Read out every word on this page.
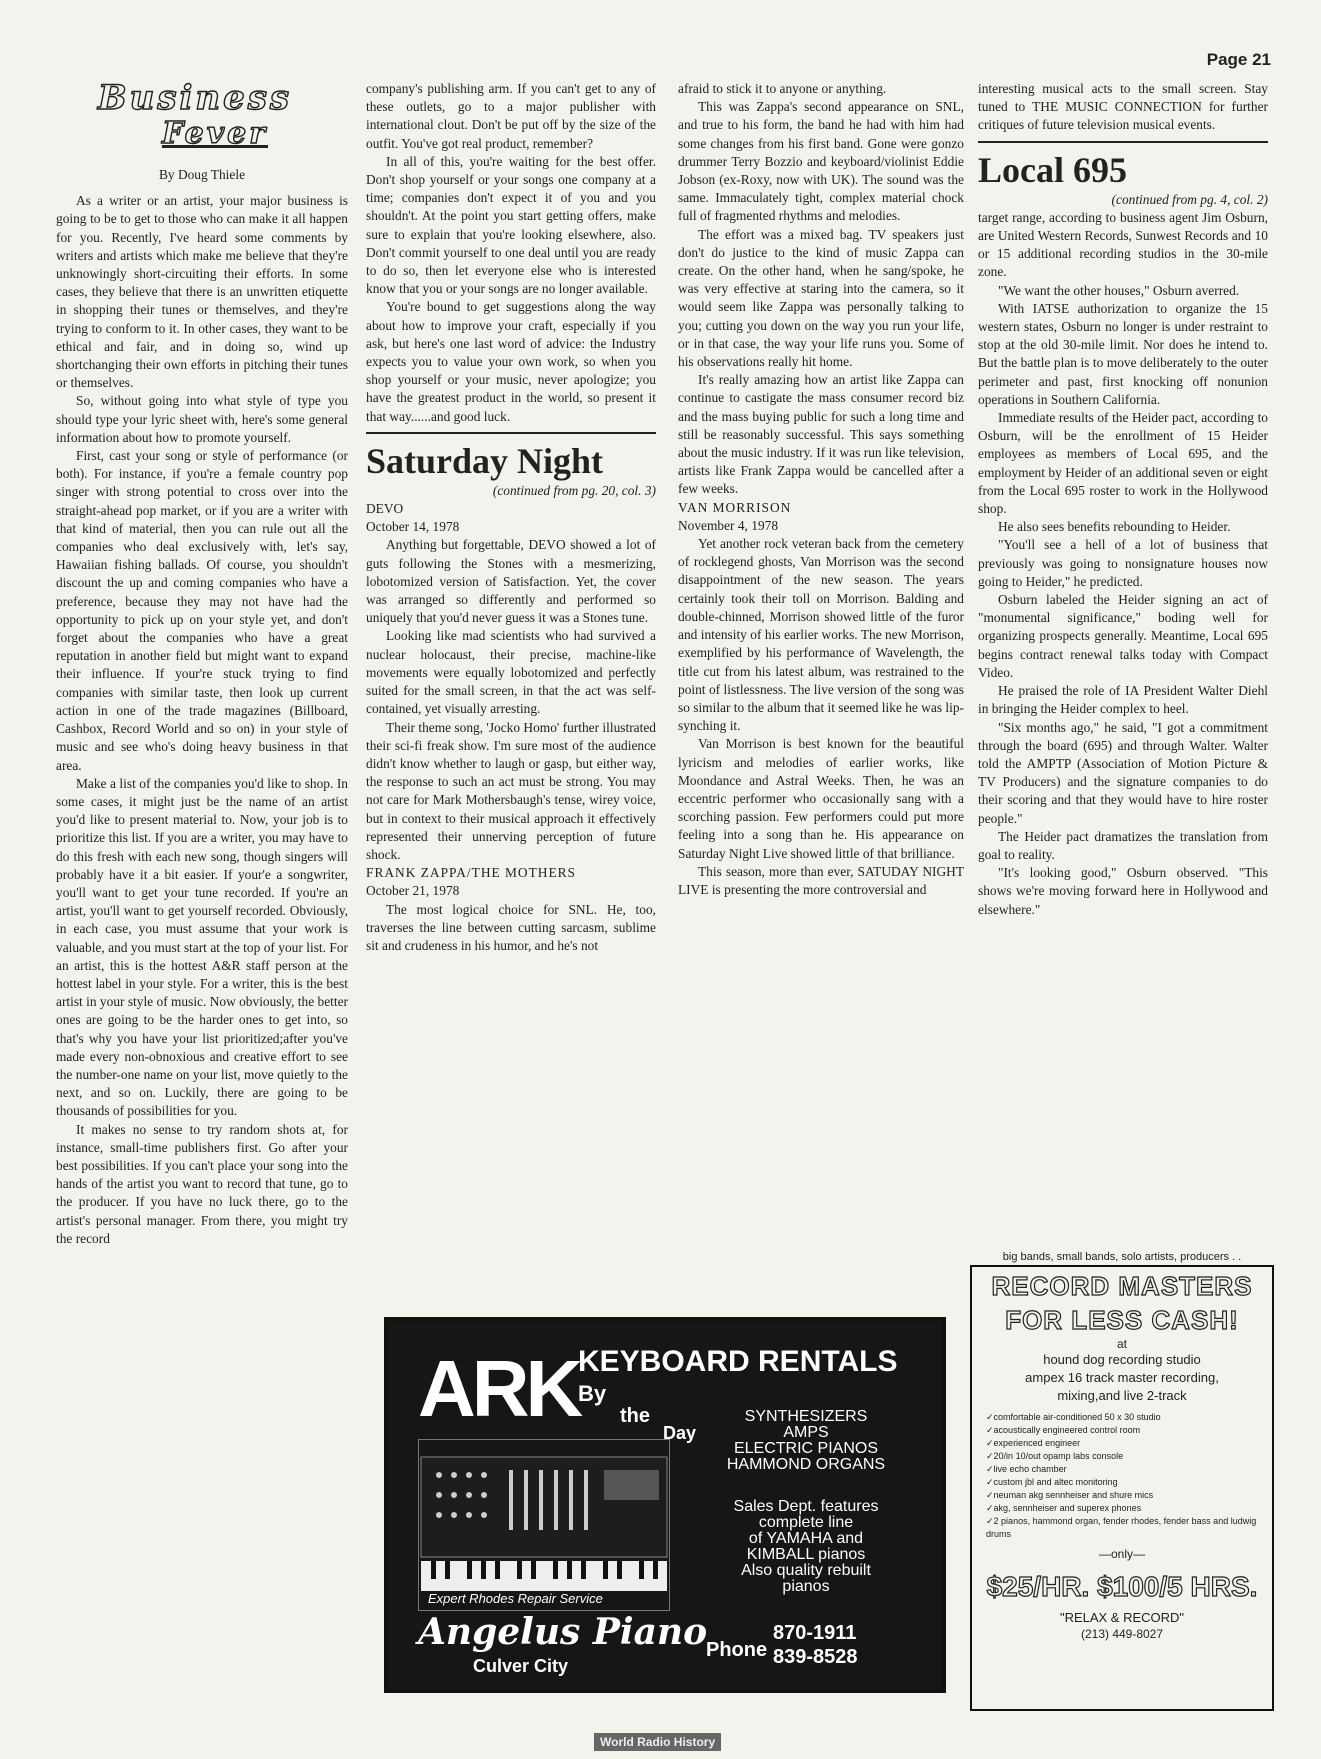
Page 21
Business
Fever
By Doug Thiele

As a writer or an artist, your major business is going to be to get to those who can make it all happen for you. Recently, I've heard some comments by writers and artists which make me believe that they're unknowingly short-circuiting their efforts. In some cases, they believe that there is an unwritten etiquette in shopping their tunes or themselves, and they're trying to conform to it. In other cases, they want to be ethical and fair, and in doing so, wind up shortchanging their own efforts in pitching their tunes or themselves.

So, without going into what style of type you should type your lyric sheet with, here's some general information about how to promote yourself.

First, cast your song or style of performance (or both). For instance, if you're a female country pop singer with strong potential to cross over into the straight-ahead pop market, or if you are a writer with that kind of material, then you can rule out all the companies who deal exclusively with, let's say, Hawaiian fishing ballads. Of course, you shouldn't discount the up and coming companies who have a preference, because they may not have had the opportunity to pick up on your style yet, and don't forget about the companies who have a great reputation in another field but might want to expand their influence. If your're stuck trying to find companies with similar taste, then look up current action in one of the trade magazines (Billboard, Cashbox, Record World and so on) in your style of music and see who's doing heavy business in that area.

Make a list of the companies you'd like to shop. In some cases, it might just be the name of an artist you'd like to present material to. Now, your job is to prioritize this list. If you are a writer, you may have to do this fresh with each new song, though singers will probably have it a bit easier. If your'e a songwriter, you'll want to get your tune recorded. If you're an artist, you'll want to get yourself recorded. Obviously, in each case, you must assume that your work is valuable, and you must start at the top of your list. For an artist, this is the hottest A&R staff person at the hottest label in your style. For a writer, this is the best artist in your style of music. Now obviously, the better ones are going to be the harder ones to get into, so that's why you have your list prioritized;after you've made every non-obnoxious and creative effort to see the number-one name on your list, move quietly to the next, and so on. Luckily, there are going to be thousands of possibilities for you.

It makes no sense to try random shots at, for instance, small-time publishers first. Go after your best possibilities. If you can't place your song into the hands of the artist you want to record that tune, go to the producer. If you have no luck there, go to the artist's personal manager. From there, you might try the record

company's publishing arm. If you can't get to any of these outlets, go to a major publisher with international clout. Don't be put off by the size of the outfit. You've got real product, remember?

In all of this, you're waiting for the best offer. Don't shop yourself or your songs one company at a time; companies don't expect it of you and you shouldn't. At the point you start getting offers, make sure to explain that you're looking elsewhere, also. Don't commit yourself to one deal until you are ready to do so, then let everyone else who is interested know that you or your songs are no longer available.

You're bound to get suggestions along the way about how to improve your craft, especially if you ask, but here's one last word of advice: the Industry expects you to value your own work, so when you shop yourself or your music, never apologize; you have the greatest product in the world, so present it that way......and good luck.

Saturday Night

(continued from pg. 20, col. 3)

DEVO

October 14, 1978

Anything but forgettable, DEVO showed a lot of guts following the Stones with a mesmerizing, lobotomized version of Satisfaction. Yet, the cover was arranged so differently and performed so uniquely that you'd never guess it was a Stones tune.

Looking like mad scientists who had survived a nuclear holocaust, their precise, machine-like movements were equally lobotomized and perfectly suited for the small screen, in that the act was self-contained, yet visually arresting.

Their theme song, 'Jocko Homo' further illustrated their sci-fi freak show. I'm sure most of the audience didn't know whether to laugh or gasp, but either way, the response to such an act must be strong. You may not care for Mark Mothersbaugh's tense, wirey voice, but in context to their musical approach it effectively represented their unnerving perception of future shock.

FRANK ZAPPA/THE MOTHERS

October 21, 1978

The most logical choice for SNL. He, too, traverses the line between cutting sarcasm, sublime sit and crudeness in his humor, and he's not

afraid to stick it to anyone or anything.

This was Zappa's second appearance on SNL, and true to his form, the band he had with him had some changes from his first band. Gone were gonzo drummer Terry Bozzio and keyboard/violinist Eddie Jobson (ex-Roxy, now with UK). The sound was the same. Immaculately tight, complex material chock full of fragmented rhythms and melodies.

The effort was a mixed bag. TV speakers just don't do justice to the kind of music Zappa can create. On the other hand, when he sang/spoke, he was very effective at staring into the camera, so it would seem like Zappa was personally talking to you; cutting you down on the way you run your life, or in that case, the way your life runs you. Some of his observations really hit home.

It's really amazing how an artist like Zappa can continue to castigate the mass consumer record biz and the mass buying public for such a long time and still be reasonably successful. This says something about the music industry. If it was run like television, artists like Frank Zappa would be cancelled after a few weeks.

VAN MORRISON

November 4, 1978

Yet another rock veteran back from the cemetery of rocklegend ghosts, Van Morrison was the second disappointment of the new season. The years certainly took their toll on Morrison. Balding and double-chinned, Morrison showed little of the furor and intensity of his earlier works. The new Morrison, exemplified by his performance of Wavelength, the title cut from his latest album, was restrained to the point of listlessness. The live version of the song was so similar to the album that it seemed like he was lip-synching it.

Van Morrison is best known for the beautiful lyricism and melodies of earlier works, like Moondance and Astral Weeks. Then, he was an eccentric performer who occasionally sang with a scorching passion. Few performers could put more feeling into a song than he. His appearance on Saturday Night Live showed little of that brilliance.

This season, more than ever, SATUDAY NIGHT LIVE is presenting the more controversial and

interesting musical acts to the small screen. Stay tuned to THE MUSIC CONNECTION for further critiques of future television musical events.

Local 695

(continued from pg. 4, col. 2)

target range, according to business agent Jim Osburn, are United Western Records, Sunwest Records and 10 or 15 additional recording studios in the 30-mile zone.

"We want the other houses," Osburn averred.

With IATSE authorization to organize the 15 western states, Osburn no longer is under restraint to stop at the old 30-mile limit. Nor does he intend to. But the battle plan is to move deliberately to the outer perimeter and past, first knocking off nonunion operations in Southern California.

Immediate results of the Heider pact, according to Osburn, will be the enrollment of 15 Heider employees as members of Local 695, and the employment by Heider of an additional seven or eight from the Local 695 roster to work in the Hollywood shop.

He also sees benefits rebounding to Heider.

"You'll see a hell of a lot of business that previously was going to nonsignature houses now going to Heider," he predicted.

Osburn labeled the Heider signing an act of "monumental significance," boding well for organizing prospects generally. Meantime, Local 695 begins contract renewal talks today with Compact Video.

He praised the role of IA President Walter Diehl in bringing the Heider complex to heel.

"Six months ago," he said, "I got a commitment through the board (695) and through Walter. Walter told the AMPTP (Association of Motion Picture & TV Producers) and the signature companies to do their scoring and that they would have to hire roster people."

The Heider pact dramatizes the translation from goal to reality.

"It's looking good," Osburn observed. "This shows we're moving forward here in Hollywood and elsewhere."

ARK
KEYBOARD RENTALS
By
the
Day
SYNTHESIZERS
AMPS
ELECTRIC PIANOS
HAMMOND ORGANS
Sales Dept. features
complete line
of YAMAHA and
KIMBALL pianos
Also quality rebuilt
pianos
Expert Rhodes Repair Service
Angelus Piano
Culver City
Phone
870-1911
839-8528
big bands, small bands, solo artists, producers . .
RECORD MASTERS
FOR LESS CASH!
at
hound dog recording studio
ampex 16 track master recording,
mixing,and live 2-track
✓ comfortable air-conditioned 50 x 30 studio
✓ acoustically engineered control room
✓ experienced engineer
✓ 20/in 10/out opamp labs console
✓ live echo chamber
✓ custom jbl and altec monitoring
✓ neuman akg sennheiser and shure mics
✓ akg, sennheiser and superex phones
✓ 2 pianos, hammond organ, fender rhodes, fender bass and ludwig drums
—only—
$25/HR. $100/5 HRS.
"RELAX & RECORD"
(213) 449-8027
World Radio History
